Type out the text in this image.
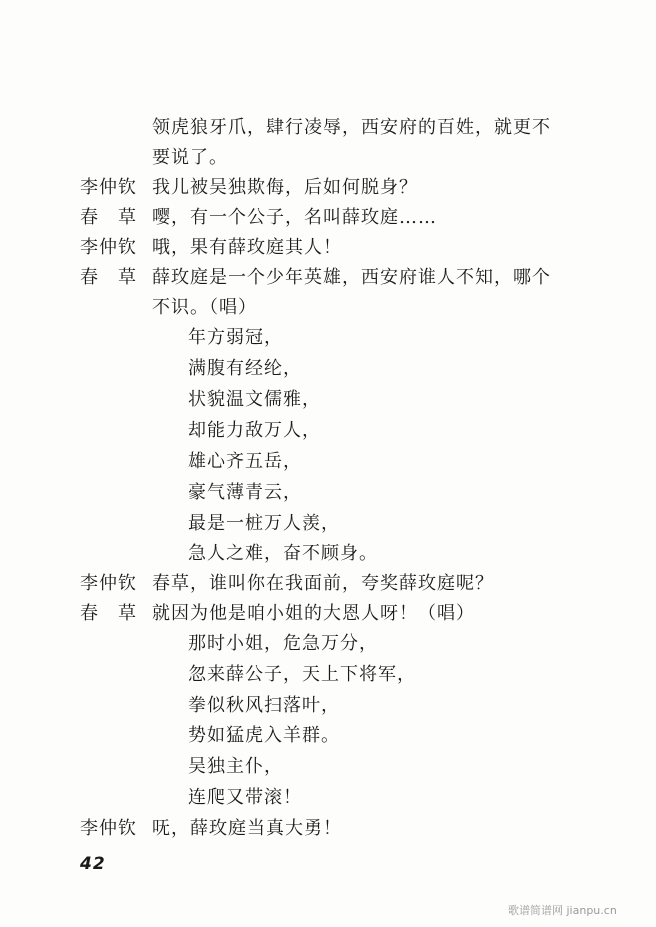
领虎狼牙爪，肆行凌辱，西安府的百姓，就更不
要说了。
李仲钦 我儿被吴独欺侮，后如何脱身？
春　草 嘤，有一个公子，名叫薛玫庭……
李仲钦 哦，果有薛玫庭其人！
春　草 薛玫庭是一个少年英雄，西安府谁人不知，哪个
不识。（唱）
年方弱冠，
满腹有经纶，
状貌温文儒雅，
却能力敌万人，
雄心齐五岳，
豪气薄青云，
最是一桩万人羡，
急人之难，奋不顾身。
李仲钦 春草，谁叫你在我面前，夸奖薛玫庭呢？
春　草 就因为他是咱小姐的大恩人呀！（唱）
那时小姐，危急万分，
忽来薛公子，天上下将军，
拳似秋风扫落叶，
势如猛虎入羊群。
吴独主仆，
连爬又带滚！
李仲钦 呒，薛玫庭当真大勇！
42
歌谱简谱网 jianpu.cn
